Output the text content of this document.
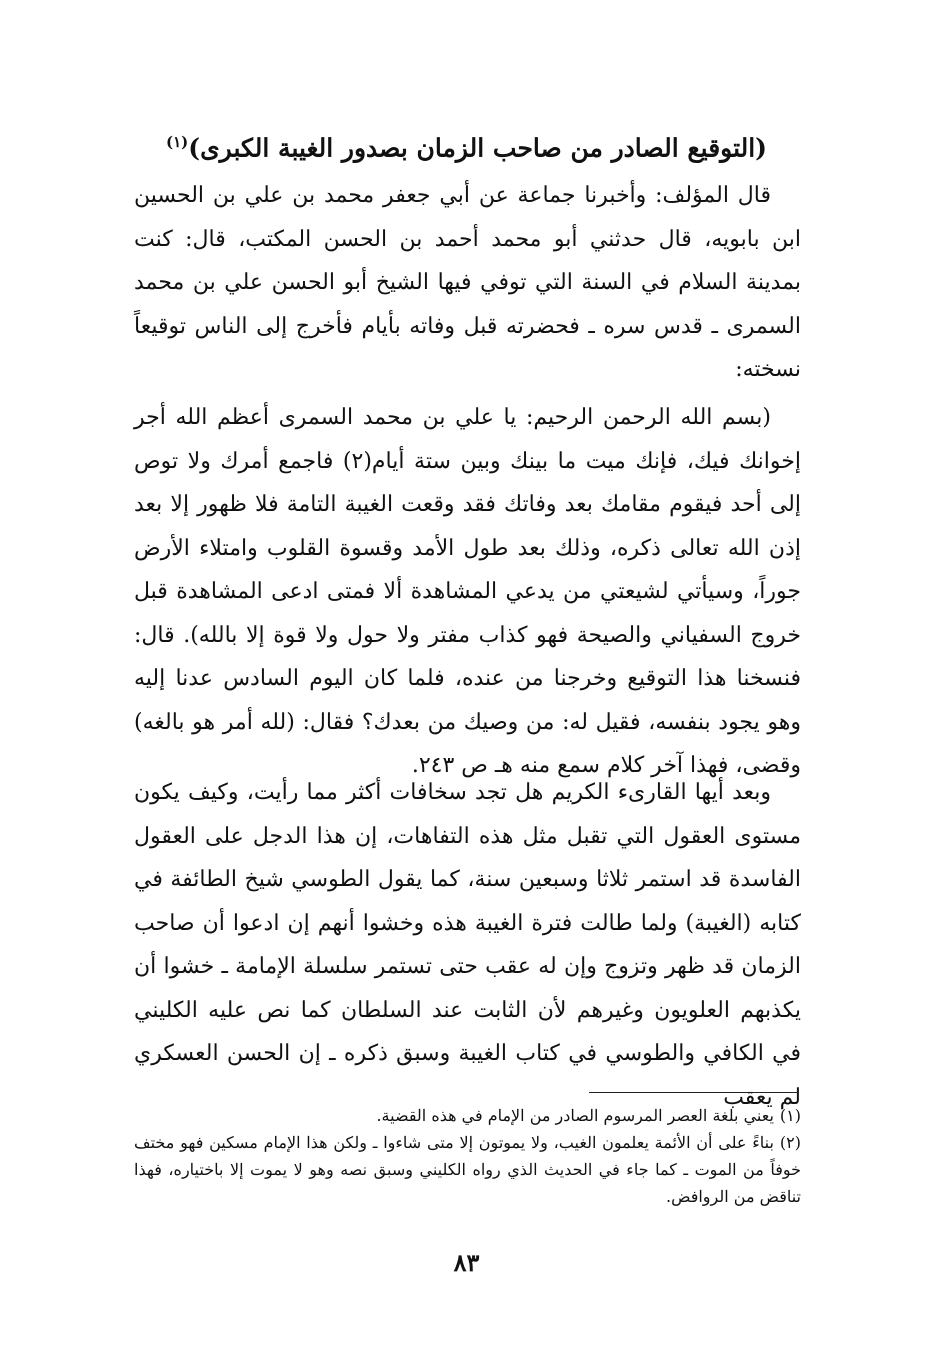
(التوقيع الصادر من صاحب الزمان بصدور الغيبة الكبرى)$^{(١)}$

قال المؤلف: وأخبرنا جماعة عن أبي جعفر محمد بن علي بن الحسين ابن بابويه، قال حدثني أبو محمد أحمد بن الحسن المكتب، قال: كنت بمدينة السلام في السنة التي توفي فيها الشيخ أبو الحسن علي بن محمد السمرى ـ قدس سره ـ فحضرته قبل وفاته بأيام فأخرج إلى الناس توقيعاً نسخته:

(بسم الله الرحمن الرحيم: يا علي بن محمد السمرى أعظم الله أجر إخوانك فيك، فإنك ميت ما بينك وبين ستة أيام(٢) فاجمع أمرك ولا توص إلى أحد فيقوم مقامك بعد وفاتك فقد وقعت الغيبة التامة فلا ظهور إلا بعد إذن الله تعالى ذكره، وذلك بعد طول الأمد وقسوة القلوب وامتلاء الأرض جوراً، وسيأتي لشيعتي من يدعي المشاهدة ألا فمتى ادعى المشاهدة قبل خروج السفياني والصيحة فهو كذاب مفتر ولا حول ولا قوة إلا بالله). قال: فنسخنا هذا التوقيع وخرجنا من عنده، فلما كان اليوم السادس عدنا إليه وهو يجود بنفسه، فقيل له: من وصيك من بعدك؟ فقال: (لله أمر هو بالغه) وقضى، فهذا آخر كلام سمع منه هـ ص ٢٤٣.

وبعد أيها القارىء الكريم هل تجد سخافات أكثر مما رأيت، وكيف يكون مستوى العقول التي تقبل مثل هذه التفاهات، إن هذا الدجل على العقول الفاسدة قد استمر ثلاثا وسبعين سنة، كما يقول الطوسي شيخ الطائفة في كتابه (الغيبة) ولما طالت فترة الغيبة هذه وخشوا أنهم إن ادعوا أن صاحب الزمان قد ظهر وتزوج وإن له عقب حتى تستمر سلسلة الإمامة ـ خشوا أن يكذبهم العلويون وغيرهم لأن الثابت عند السلطان كما نص عليه الكليني في الكافي والطوسي في كتاب الغيبة وسبق ذكره ـ إن الحسن العسكري لم يعقب

(١)يعني بلغة العصر المرسوم الصادر من الإمام في هذه القضية.

(٢)بناءً على أن الأئمة يعلمون الغيب، ولا يموتون إلا متى شاءوا ـ ولكن هذا الإمام مسكين فهو مختف خوفاً من الموت ـ كما جاء في الحديث الذي رواه الكليني وسبق نصه وهو لا يموت إلا باختياره، فهذا تناقض من الروافض.

٨٣
